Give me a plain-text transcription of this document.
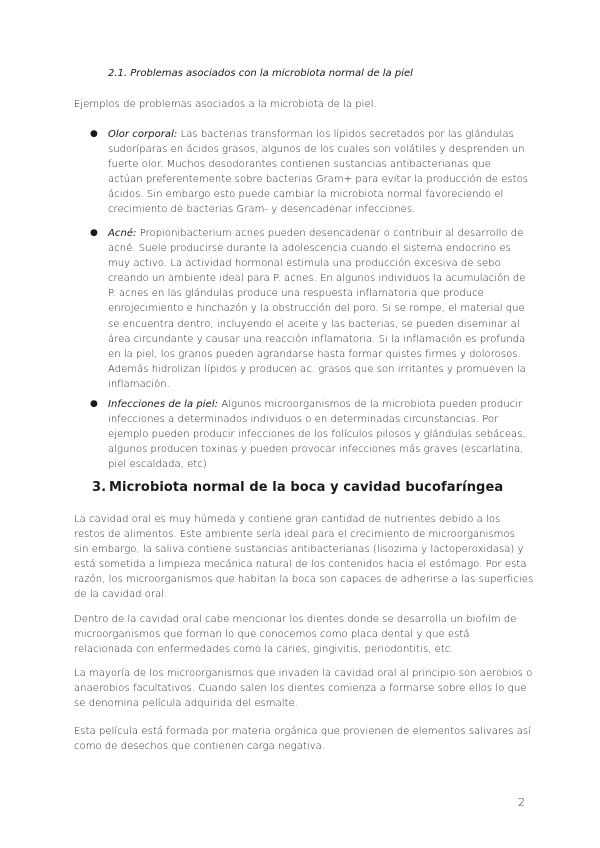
2.1. Problemas asociados con la microbiota normal de la piel

Ejemplos de problemas asociados a la microbiota de la piel.

●	Olor corporal: Las bacterias transforman los lípidos secretados por las glándulas
sudoríparas en ácidos grasos, algunos de los cuales son volátiles y desprenden un
fuerte olor. Muchos desodorantes contienen sustancias antibacterianas que
actúan preferentemente sobre bacterias Gram+ para evitar la producción de estos
ácidos. Sin embargo esto puede cambiar la microbiota normal favoreciendo el
crecimiento de bacterias Gram- y desencadenar infecciones.
●	Acné: Propionibacterium acnes pueden desencadenar o contribuir al desarrollo de
acné. Suele producirse durante la adolescencia cuando el sistema endocrino es
muy activo. La actividad hormonal estimula una producción excesiva de sebo
creando un ambiente ideal para P. acnes. En algunos individuos la acumulación de
P. acnes en las glándulas produce una respuesta inflamatoria que produce
enrojecimiento e hinchazón y la obstrucción del poro. Si se rompe, el material que
se encuentra dentro, incluyendo el aceite y las bacterias, se pueden diseminar al
área circundante y causar una reacción inflamatoria. Si la inflamación es profunda
en la piel, los granos pueden agrandarse hasta formar quistes firmes y dolorosos.
Además hidrolizan lípidos y producen ac. grasos que son irritantes y promueven la
inflamación.
●	Infecciones de la piel: Algunos microorganismos de la microbiota pueden producir
infecciones a determinados individuos o en determinadas circunstancias. Por
ejemplo pueden producir infecciones de los folículos pilosos y glándulas sebáceas,
algunos producen toxinas y pueden provocar infecciones más graves (escarlatina,
piel escaldada, etc)
3. Microbiota normal de la boca y cavidad bucofaríngea
La cavidad oral es muy húmeda y contiene gran cantidad de nutrientes debido a los
restos de alimentos. Este ambiente sería ideal para el crecimiento de microorganismos
sin embargo, la saliva contiene sustancias antibacterianas (lisozima y lactoperoxidasa) y
está sometida a limpieza mecánica natural de los contenidos hacia el estómago. Por esta
razón, los microorganismos que habitan la boca son capaces de adherirse a las superficies
de la cavidad oral.
Dentro de la cavidad oral cabe mencionar los dientes donde se desarrolla un biofilm de
microorganismos que forman lo que conocemos como placa dental y que está
relacionada con enfermedades como la caries, gingivitis, periodontitis, etc.
La mayoría de los microorganismos que invaden la cavidad oral al principio son aerobios o
anaerobios facultativos. Cuando salen los dientes comienza a formarse sobre ellos lo que
se denomina película adquirida del esmalte.
Esta película está formada por materia orgánica que provienen de elementos salivares así
como de desechos que contienen carga negativa.
2
